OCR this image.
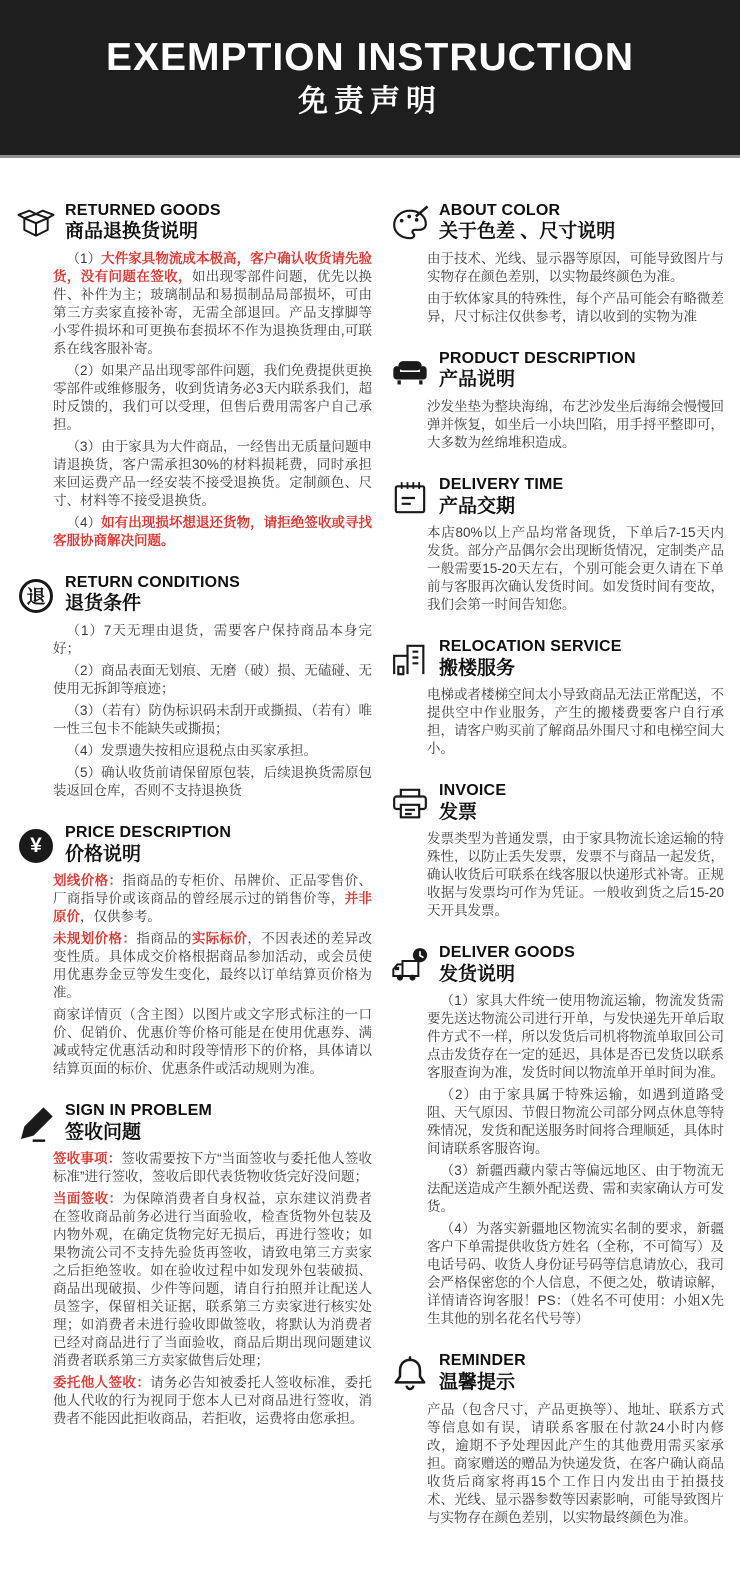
EXEMPTION INSTRUCTION
免责声明
RETURNED GOODS
商品退换货说明

（1）大件家具物流成本极高，客户确认收货请先验货，没有问题在签收，如出现零部件问题，优先以换件、补件为主；玻璃制品和易损制品局部损坏，可由第三方卖家直接补寄，无需全部退回。产品支撑脚等小零件损坏和可更换布套损坏不作为退换货理由,可联系在线客服补寄。

（2）如果产品出现零部件问题，我们免费提供更换零部件或维修服务，收到货请务必3天内联系我们，超时反馈的，我们可以受理，但售后费用需客户自己承担。

（3）由于家具为大件商品，一经售出无质量问题申请退换货，客户需承担30%的材料损耗费，同时承担来回运费产品一经安装不接受退换货。定制颜色、尺寸、材料等不接受退换货。

（4）如有出现损坏想退还货物，请拒绝签收或寻找客服协商解决问题。

退
RETURN CONDITIONS
退货条件

（1）7天无理由退货，需要客户保持商品本身完好；

（2）商品表面无划痕、无磨（破）损、无磕碰、无使用无拆卸等痕迹；

（3）（若有）防伪标识码未刮开或撕损、（若有）唯一性三包卡不能缺失或撕损；

（4）发票遗失按相应退税点由买家承担。

（5）确认收货前请保留原包装，后续退换货需原包装返回仓库，否则不支持退换货

¥
PRICE DESCRIPTION
价格说明

划线价格：指商品的专柜价、吊牌价、正品零售价、厂商指导价或该商品的曾经展示过的销售价等，并非原价，仅供参考。

未规划价格：指商品的实际标价，不因表述的差异改变性质。具体成交价格根据商品参加活动，或会员使用优惠券金豆等发生变化，最终以订单结算页价格为准。

商家详情页（含主图）以图片或文字形式标注的一口价、促销价、优惠价等价格可能是在使用优惠券、满减或特定优惠活动和时段等情形下的价格，具体请以结算页面的标价、优惠条件或活动规则为准。

SIGN IN PROBLEM
签收问题

签收事项：签收需要按下方“当面签收与委托他人签收标准”进行签收，签收后即代表货物收货完好没问题；

当面签收：为保障消费者自身权益，京东建议消费者在签收商品前务必进行当面验收，检查货物外包装及内物外观，在确定货物完好无损后，再进行签收；如果物流公司不支持先验货再签收，请致电第三方卖家之后拒绝签收。如在验收过程中如发现外包装破损、商品出现破损、少件等问题，请自行拍照并让配送人员签字，保留相关证据，联系第三方卖家进行核实处理；如消费者未进行验收即做签收，将默认为消费者已经对商品进行了当面验收，商品后期出现问题建议消费者联系第三方卖家做售后处理；

委托他人签收：请务必告知被委托人签收标准，委托他人代收的行为视同于您本人已对商品进行签收，消费者不能因此拒收商品，若拒收，运费将由您承担。

ABOUT COLOR
关于色差 、尺寸说明

由于技术、光线、显示器等原因，可能导致图片与实物存在颜色差别，以实物最终颜色为准。

由于软体家具的特殊性，每个产品可能会有略微差异，尺寸标注仅供参考，请以收到的实物为准

PRODUCT DESCRIPTION
产品说明

沙发坐垫为整块海绵，布艺沙发坐后海绵会慢慢回弹并恢复，如坐后一小块凹陷，用手捋平整即可，大多数为丝绵堆积造成。

DELIVERY TIME
产品交期

本店80%以上产品均常备现货，下单后7-15天内发货。部分产品偶尔会出现断货情况，定制类产品一般需要15-20天左右，个别可能会更久请在下单前与客服再次确认发货时间。如发货时间有变故，我们会第一时间告知您。

RELOCATION SERVICE
搬楼服务

电梯或者楼梯空间太小导致商品无法正常配送，不提供空中作业服务，产生的搬楼费要客户自行承担，请客户购买前了解商品外围尺寸和电梯空间大小。

INVOICE
发票

发票类型为普通发票，由于家具物流长途运输的特殊性，以防止丢失发票，发票不与商品一起发货，确认收货后可联系在线客服以快递形式补寄。正规收据与发票均可作为凭证。一般收到货之后15-20天开具发票。

DELIVER GOODS
发货说明

（1）家具大件统一使用物流运输，物流发货需要先送达物流公司进行开单，与发快递先开单后取件方式不一样，所以发货后司机将物流单取回公司点击发货存在一定的延迟，具体是否已发货以联系客服查询为准，发货时间以物流单开单时间为准。

（2）由于家具属于特殊运输，如遇到道路受阻、天气原因、节假日物流公司部分网点休息等特殊情况，发货和配送服务时间将合理顺延，具体时间请联系客服咨询。

（3）新疆西藏内蒙古等偏远地区、由于物流无法配送造成产生额外配送费、需和卖家确认方可发货。

（4）为落实新疆地区物流实名制的要求，新疆客户下单需提供收货方姓名（全称，不可简写）及电话号码、收货人身份证号码等信息请放心，我司会严格保密您的个人信息，不便之处，敬请谅解，详情请咨询客服！PS：（姓名不可使用：小姐X先生其他的别名花名代号等）

REMINDER
温馨提示

产品（包含尺寸，产品更换等）、地址、联系方式等信息如有误，请联系客服在付款24小时内修改，逾期不予处理因此产生的其他费用需买家承担。商家赠送的赠品为快递发货，在客户确认商品收货后商家将再15个工作日内发出由于拍摄技术、光线、显示器参数等因素影响，可能导致图片与实物存在颜色差别，以实物最终颜色为准。
